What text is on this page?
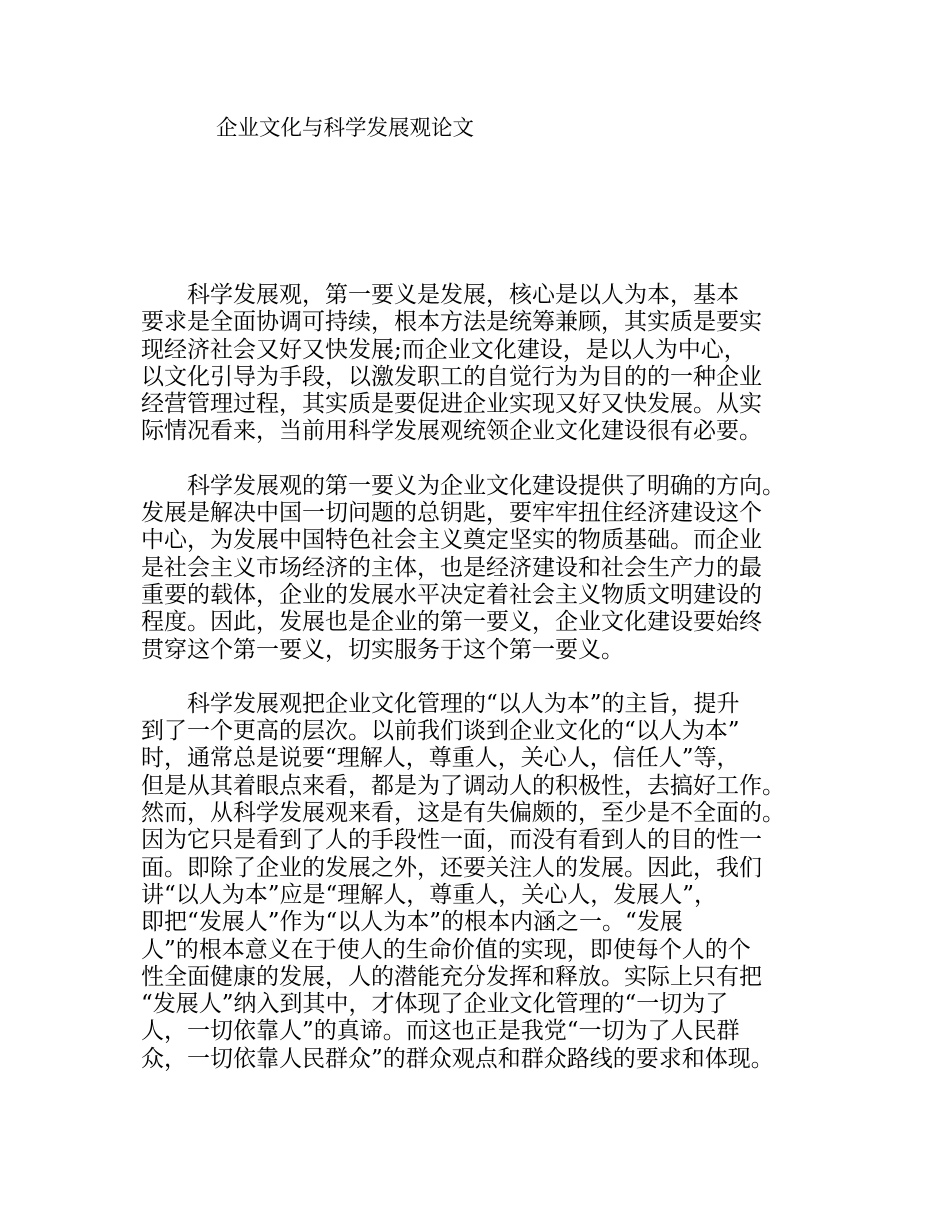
企业文化与科学发展观论文

　　科学发展观，第一要义是发展，核心是以人为本，基本
要求是全面协调可持续，根本方法是统筹兼顾，其实质是要实
现经济社会又好又快发展;而企业文化建设，是以人为中心，
以文化引导为手段，以激发职工的自觉行为为目的的一种企业
经营管理过程，其实质是要促进企业实现又好又快发展。从实
际情况看来，当前用科学发展观统领企业文化建设很有必要。

　　科学发展观的第一要义为企业文化建设提供了明确的方向。
发展是解决中国一切问题的总钥匙，要牢牢扭住经济建设这个
中心，为发展中国特色社会主义奠定坚实的物质基础。而企业
是社会主义市场经济的主体，也是经济建设和社会生产力的最
重要的载体，企业的发展水平决定着社会主义物质文明建设的
程度。因此，发展也是企业的第一要义，企业文化建设要始终
贯穿这个第一要义，切实服务于这个第一要义。

　　科学发展观把企业文化管理的“以人为本”的主旨，提升
到了一个更高的层次。以前我们谈到企业文化的“以人为本”
时，通常总是说要“理解人，尊重人，关心人，信任人”等，
但是从其着眼点来看，都是为了调动人的积极性，去搞好工作。
然而，从科学发展观来看，这是有失偏颇的，至少是不全面的。
因为它只是看到了人的手段性一面，而没有看到人的目的性一
面。即除了企业的发展之外，还要关注人的发展。因此，我们
讲“以人为本”应是“理解人，尊重人，关心人，发展人”，
即把“发展人”作为“以人为本”的根本内涵之一。“发展
人”的根本意义在于使人的生命价值的实现，即使每个人的个
性全面健康的发展，人的潜能充分发挥和释放。实际上只有把
“发展人”纳入到其中，才体现了企业文化管理的“一切为了
人，一切依靠人”的真谛。而这也正是我党“一切为了人民群
众，一切依靠人民群众”的群众观点和群众路线的要求和体现。
